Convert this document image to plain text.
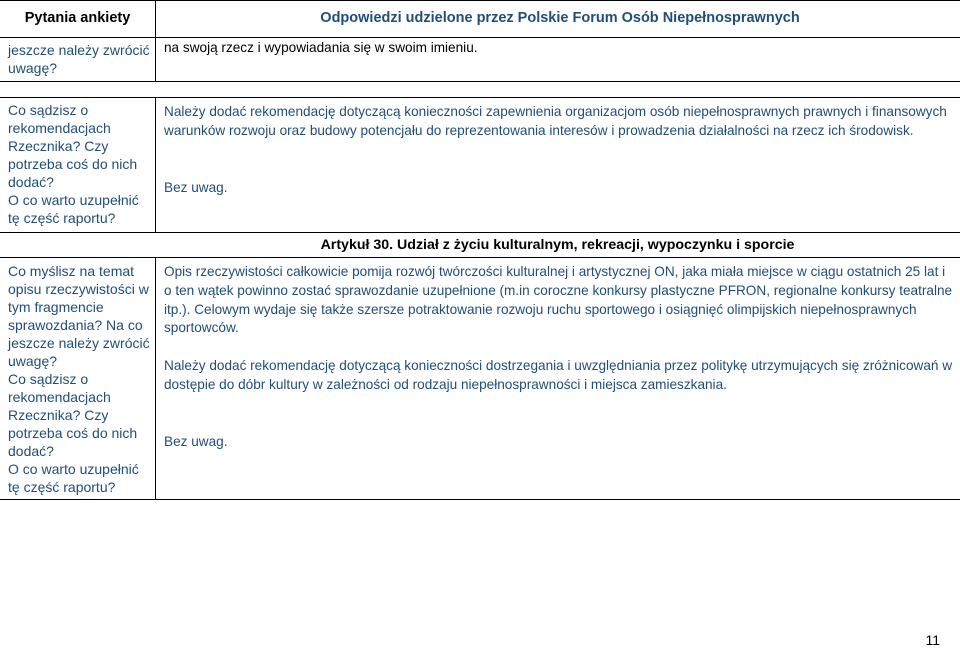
Pytania ankiety	Odpowiedzi udzielone przez Polskie Forum Osób Niepełnosprawnych
jeszcze należy zwrócić uwagę?
na swoją rzecz i wypowiadania się w swoim imieniu.
Co sądzisz o
rekomendacjach
Rzecznika? Czy
potrzeba coś do nich
dodać?
O co warto uzupełnić
tę część raportu?

Należy dodać rekomendację dotyczącą konieczności zapewnienia organizacjom osób niepełnosprawnych prawnych i finansowych warunków rozwoju oraz budowy potencjału do reprezentowania interesów i prowadzenia działalności na rzecz ich środowisk.

Bez uwag.

Artykuł 30. Udział z życiu kulturalnym, rekreacji, wypoczynku i sporcie
Co myślisz na temat
opisu rzeczywistości w
tym fragmencie
sprawozdania? Na co
jeszcze należy zwrócić
uwagę?
Co sądzisz o
rekomendacjach
Rzecznika? Czy
potrzeba coś do nich
dodać?
O co warto uzupełnić
tę część raportu?

Opis rzeczywistości całkowicie pomija rozwój twórczości kulturalnej i artystycznej ON, jaka miała miejsce w ciągu ostatnich 25 lat i o ten wątek powinno zostać sprawozdanie uzupełnione (m.in coroczne konkursy plastyczne PFRON, regionalne konkursy teatralne itp.). Celowym wydaje się także szersze potraktowanie rozwoju ruchu sportowego i osiągnięć olimpijskich niepełnosprawnych sportowców.

Należy dodać rekomendację dotyczącą konieczności dostrzegania i uwzględniania przez politykę utrzymujących się zróżnicowań w dostępie do dóbr kultury w zależności od rodzaju niepełnosprawności i miejsca zamieszkania.

Bez uwag.

11
